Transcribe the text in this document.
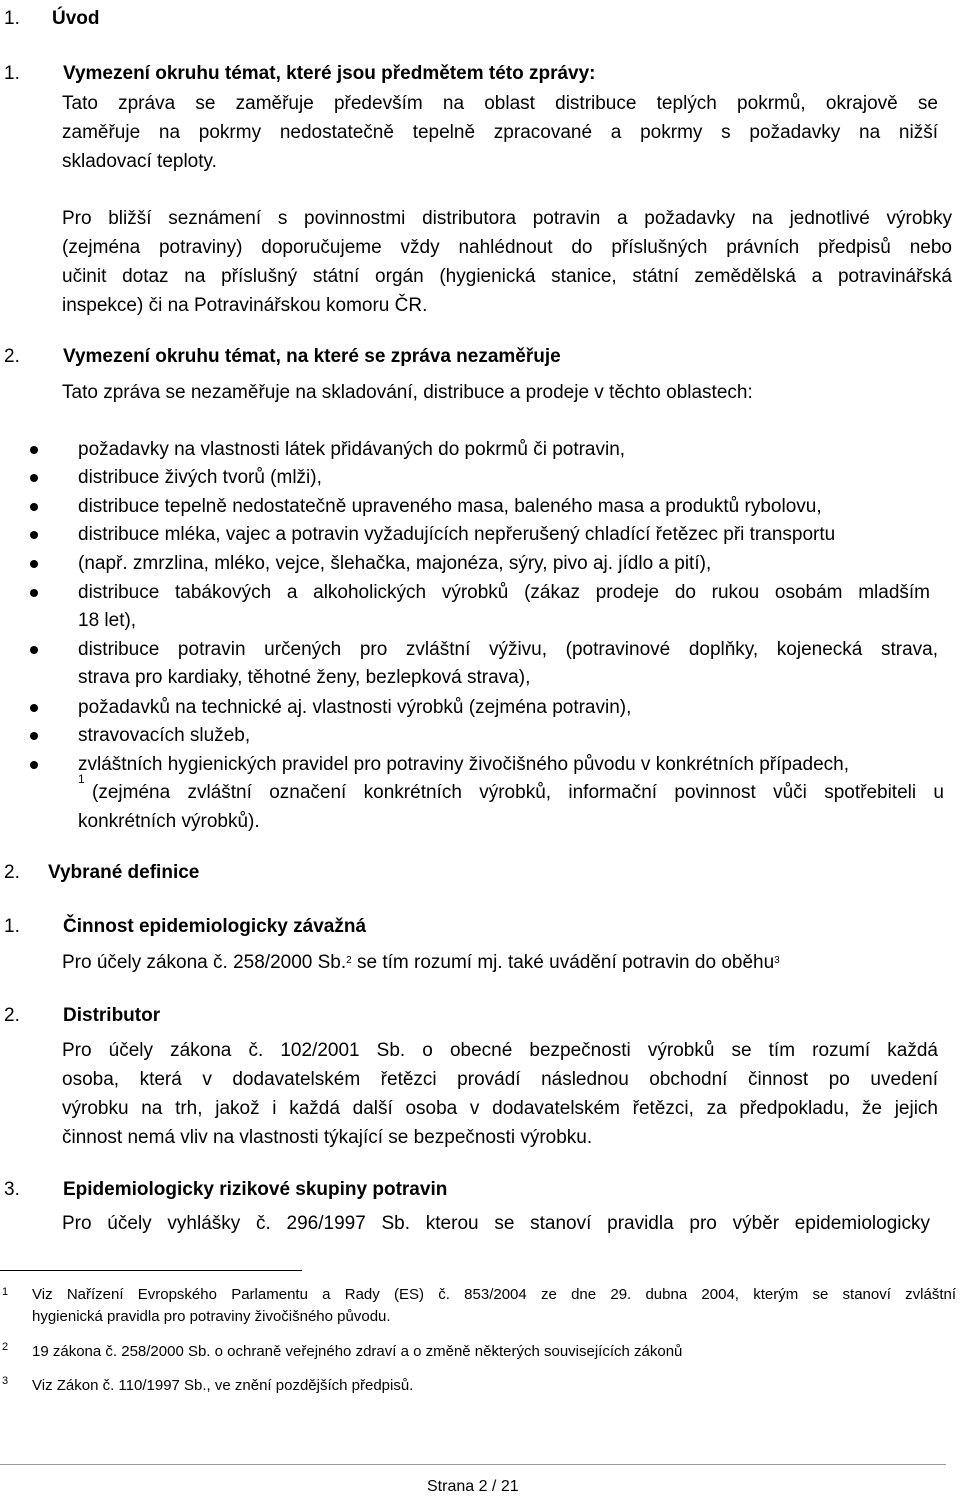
1. Úvod
1. Vymezení okruhu témat, které jsou předmětem této zprávy:
Tato zpráva se zaměřuje především na oblast distribuce teplých pokrmů, okrajově se
zaměřuje na pokrmy nedostatečně tepelně zpracované a pokrmy s požadavky na nižší
skladovací teploty.
Pro bližší seznámení s povinnostmi distributora potravin a požadavky na jednotlivé výrobky
(zejména potraviny) doporučujeme vždy nahlédnout do příslušných právních předpisů nebo
učinit dotaz na příslušný státní orgán (hygienická stanice, státní zemědělská a potravinářská
inspekce) či na Potravinářskou komoru ČR.
2. Vymezení okruhu témat, na které se zpráva nezaměřuje
Tato zpráva se nezaměřuje na skladování, distribuce a prodeje v těchto oblastech:
požadavky na vlastnosti látek přidávaných do pokrmů či potravin,
distribuce živých tvorů (mlži),
distribuce tepelně nedostatečně upraveného masa, baleného masa a produktů rybolovu,
distribuce mléka, vajec a potravin vyžadujících nepřerušený chladící řetězec při transportu
(např. zmrzlina, mléko, vejce, šlehačka, majonéza, sýry, pivo aj. jídlo a pití),
distribuce tabákových a alkoholických výrobků (zákaz prodeje do rukou osobám mladším
18 let),
distribuce potravin určených pro zvláštní výživu, (potravinové doplňky, kojenecká strava,
strava pro kardiaky, těhotné ženy, bezlepková strava),
požadavků na technické aj. vlastnosti výrobků (zejména potravin),
stravovacích služeb,
zvláštních hygienických pravidel pro potraviny živočišného původu v konkrétních případech,
1
(zejména zvláštní označení konkrétních výrobků, informační povinnost vůči spotřebiteli u
konkrétních výrobků).
2. Vybrané definice
1. Činnost epidemiologicky závažná
Pro účely zákona č. 258/2000 Sb.$^2$ se tím rozumí mj. také uvádění potravin do oběhu$^3$
2. Distributor
Pro účely zákona č. 102/2001 Sb. o obecné bezpečnosti výrobků se tím rozumí každá
osoba, která v dodavatelském řetězci provádí následnou obchodní činnost po uvedení
výrobku na trh, jakož i každá další osoba v dodavatelském řetězci, za předpokladu, že jejich
činnost nemá vliv na vlastnosti týkající se bezpečnosti výrobku.
3. Epidemiologicky rizikové skupiny potravin
Pro účely vyhlášky č. 296/1997 Sb. kterou se stanoví pravidla pro výběr epidemiologicky
1 Viz Nařízení Evropského Parlamentu a Rady (ES) č. 853/2004 ze dne 29. dubna 2004, kterým se stanoví zvláštní
hygienická pravidla pro potraviny živočišného původu.
2 19 zákona č. 258/2000 Sb. o ochraně veřejného zdraví a o změně některých souvisejících zákonů
3 Viz Zákon č. 110/1997 Sb., ve znění pozdějších předpisů.
Strana 2 / 21
